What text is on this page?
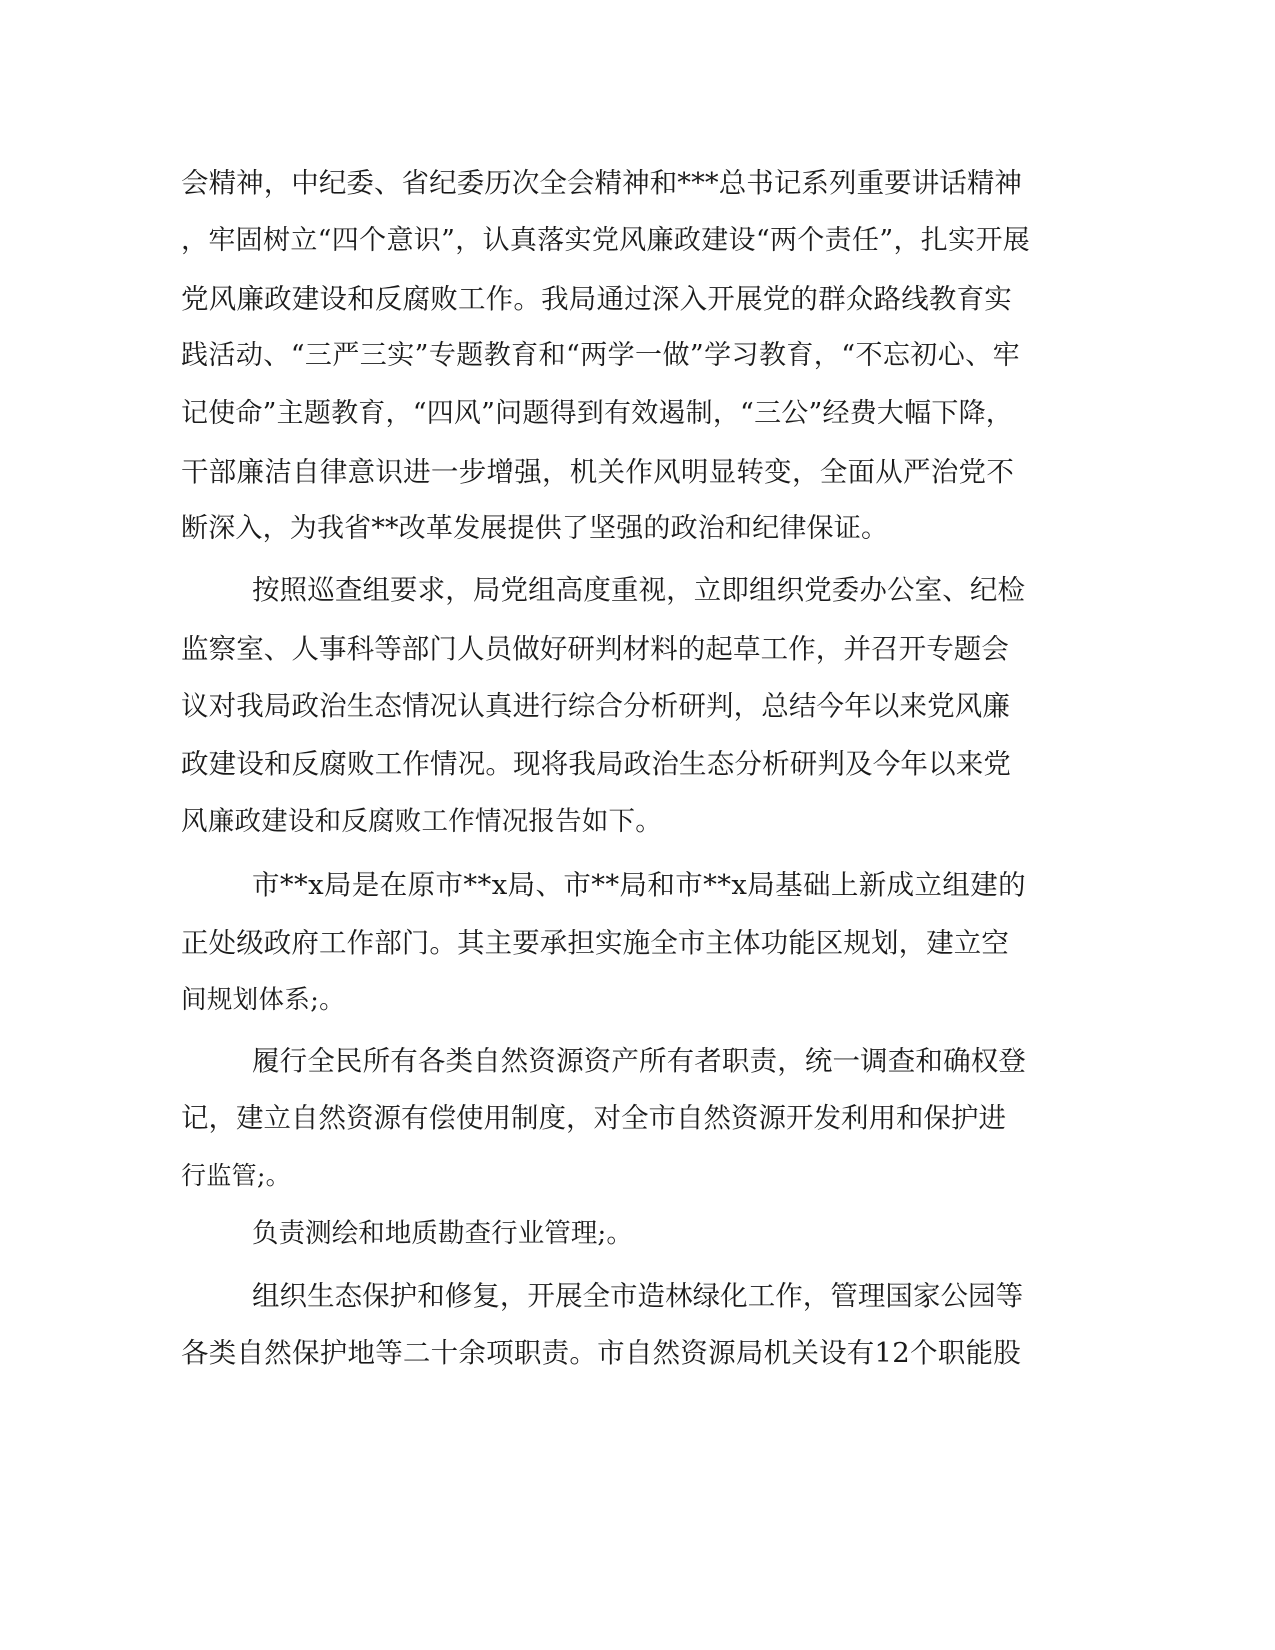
会精神，中纪委、省纪委历次全会精神和***总书记系列重要讲话精神
，牢固树立“四个意识”，认真落实党风廉政建设“两个责任”，扎实开展
党风廉政建设和反腐败工作。我局通过深入开展党的群众路线教育实
践活动、“三严三实”专题教育和“两学一做”学习教育，“不忘初心、牢
记使命”主题教育，“四风”问题得到有效遏制，“三公”经费大幅下降，
干部廉洁自律意识进一步增强，机关作风明显转变，全面从严治党不
断深入，为我省**改革发展提供了坚强的政治和纪律保证。
按照巡查组要求，局党组高度重视，立即组织党委办公室、纪检
监察室、人事科等部门人员做好研判材料的起草工作，并召开专题会
议对我局政治生态情况认真进行综合分析研判，总结今年以来党风廉
政建设和反腐败工作情况。现将我局政治生态分析研判及今年以来党
风廉政建设和反腐败工作情况报告如下。
市**x局是在原市**x局、市**局和市**x局基础上新成立组建的
正处级政府工作部门。其主要承担实施全市主体功能区规划，建立空
间规划体系;。
履行全民所有各类自然资源资产所有者职责，统一调查和确权登
记，建立自然资源有偿使用制度，对全市自然资源开发利用和保护进
行监管;。
负责测绘和地质勘查行业管理;。
组织生态保护和修复，开展全市造林绿化工作，管理国家公园等
各类自然保护地等二十余项职责。市自然资源局机关设有12个职能股
